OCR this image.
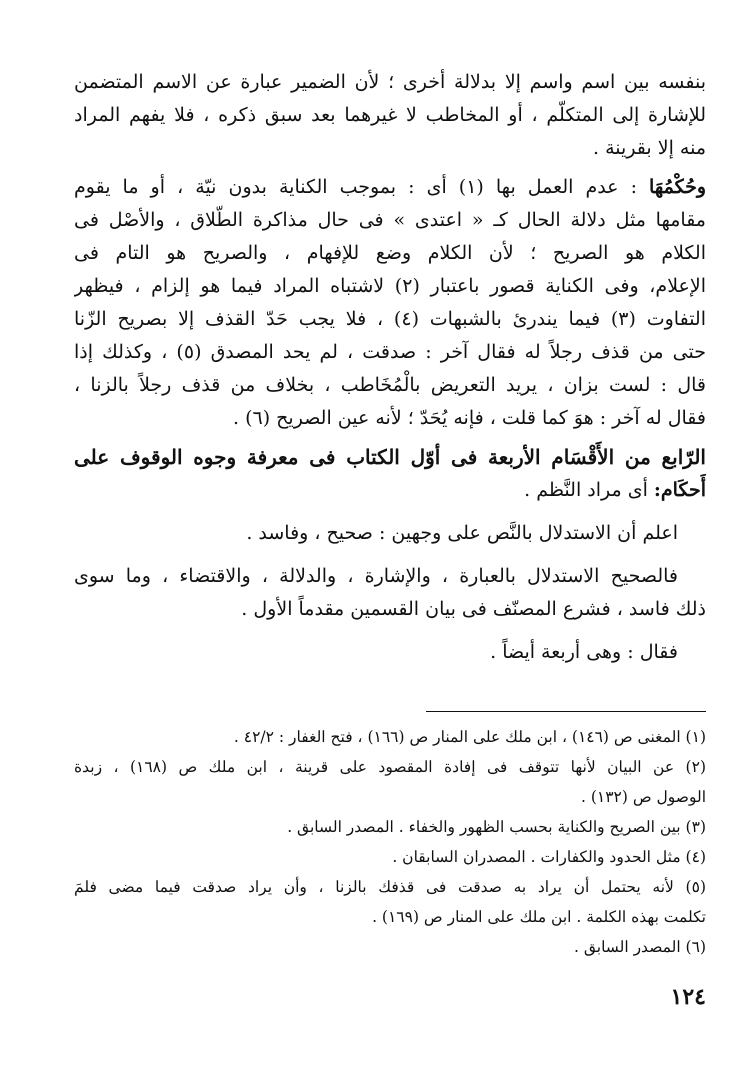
بنفسه بين اسم واسم إلا بدلالة أخرى ؛ لأن الضمير عبارة عن الاسم المتضمن
للإشارة إلى المتكلّم ، أو المخاطب لا غيرهما بعد سبق ذكره ، فلا يفهم المراد
منه إلا بقرينة .
وحُكْمُهَا : عدم العمل بها (١) أى : بموجب الكناية بدون نيّة ، أو ما يقوم
مقامها مثل دلالة الحال كـ « اعتدى » فى حال مذاكرة الطّلاق ، والأصْل فى
الكلام هو الصريح ؛ لأن الكلام وضع للإفهام ، والصريح هو التام فى
الإعلام، وفى الكناية قصور باعتبار (٢) لاشتباه المراد فيما هو إلزام ، فيظهر
التفاوت (٣) فيما يندرئ بالشبهات (٤) ، فلا يجب حَدّ القذف إلا بصريح الزّنا
حتى من قذف رجلاً له فقال آخر : صدقت ، لم يحد المصدق (٥) ، وكذلك إذا
قال : لست بزان ، يريد التعريض بالْمُخَاطب ، بخلاف من قذف رجلاً بالزنا ،
فقال له آخر : هوَ كما قلت ، فإنه يُحَدّ ؛ لأنه عين الصريح (٦) .
الرّابع من الأَقْسَام الأربعة فى أوّل الكتاب فى معرفة وجوه الوقوف على
أَحكَام: أى مراد النَّظم .
اعلم أن الاستدلال بالنَّص على وجهين : صحيح ، وفاسد .
فالصحيح الاستدلال بالعبارة ، والإشارة ، والدلالة ، والاقتضاء ، وما سوى
ذلك فاسد ، فشرع المصنّف فى بيان القسمين مقدماً الأول .
فقال : وهى أربعة أيضاً .
(١) المغنى ص (١٤٦) ، ابن ملك على المنار ص (١٦٦) ، فتح الغفار : ٤٢/٢ .
(٢) عن البيان لأنها تتوقف فى إفادة المقصود على قرينة ، ابن ملك ص (١٦٨) ، زبدة
الوصول ص (١٣٢) .
(٣) بين الصريح والكناية بحسب الظهور والخفاء . المصدر السابق .
(٤) مثل الحدود والكفارات . المصدران السابقان .
(٥) لأنه يحتمل أن يراد به صدقت فى قذفك بالزنا ، وأن يراد صدقت فيما مضى فلمَ
تكلمت بهذه الكلمة . ابن ملك على المنار ص (١٦٩) .
(٦) المصدر السابق .
١٢٤
